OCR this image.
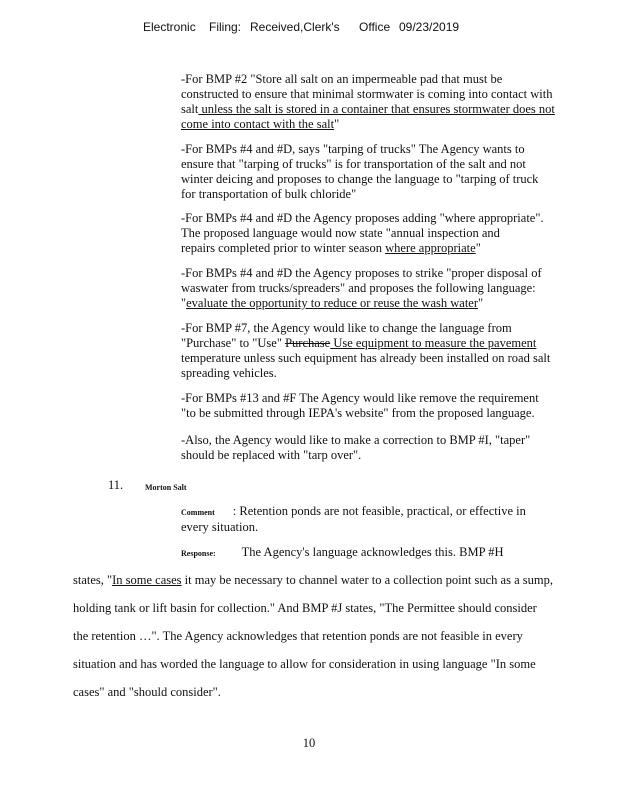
Electronic Filing: Received,Clerk's Office 09/23/2019

-For BMP #2 "Store all salt on an impermeable pad that must be

constructed to ensure that minimal stormwater is coming into contact with

salt unless the salt is stored in a container that ensures stormwater does not

come into contact with the salt"

-For BMPs #4 and #D, says "tarping of trucks" The Agency wants to

ensure that "tarping of trucks" is for transportation of the salt and not

winter deicing and proposes to change the language to "tarping of truck

for transportation of bulk chloride"

-For BMPs #4 and #D the Agency proposes adding "where appropriate".

The proposed language would now state "annual inspection and

repairs completed prior to winter season where appropriate"

-For BMPs #4 and #D the Agency proposes to strike "proper disposal of

waswater from trucks/spreaders" and proposes the following language:

"evaluate the opportunity to reduce or reuse the wash water"

-For BMP #7, the Agency would like to change the language from

"Purchase" to "Use" Purchase Use equipment to measure the pavement

temperature unless such equipment has already been installed on road salt

spreading vehicles.

-For BMPs #13 and #F The Agency would like remove the requirement

"to be submitted through IEPA's website" from the proposed language.

-Also, the Agency would like to make a correction to BMP #I, "taper"

should be replaced with "tarp over".

11.	Morton Salt

Comment : Retention ponds are not feasible, practical, or effective in

every situation.

Response: The Agency's language acknowledges this. BMP #H

states, "In some cases it may be necessary to channel water to a collection point such as a sump,
holding tank or lift basin for collection." And BMP #J states, "The Permittee should consider
the retention …". The Agency acknowledges that retention ponds are not feasible in every
situation and has worded the language to allow for consideration in using language "In some
cases" and "should consider".
10
